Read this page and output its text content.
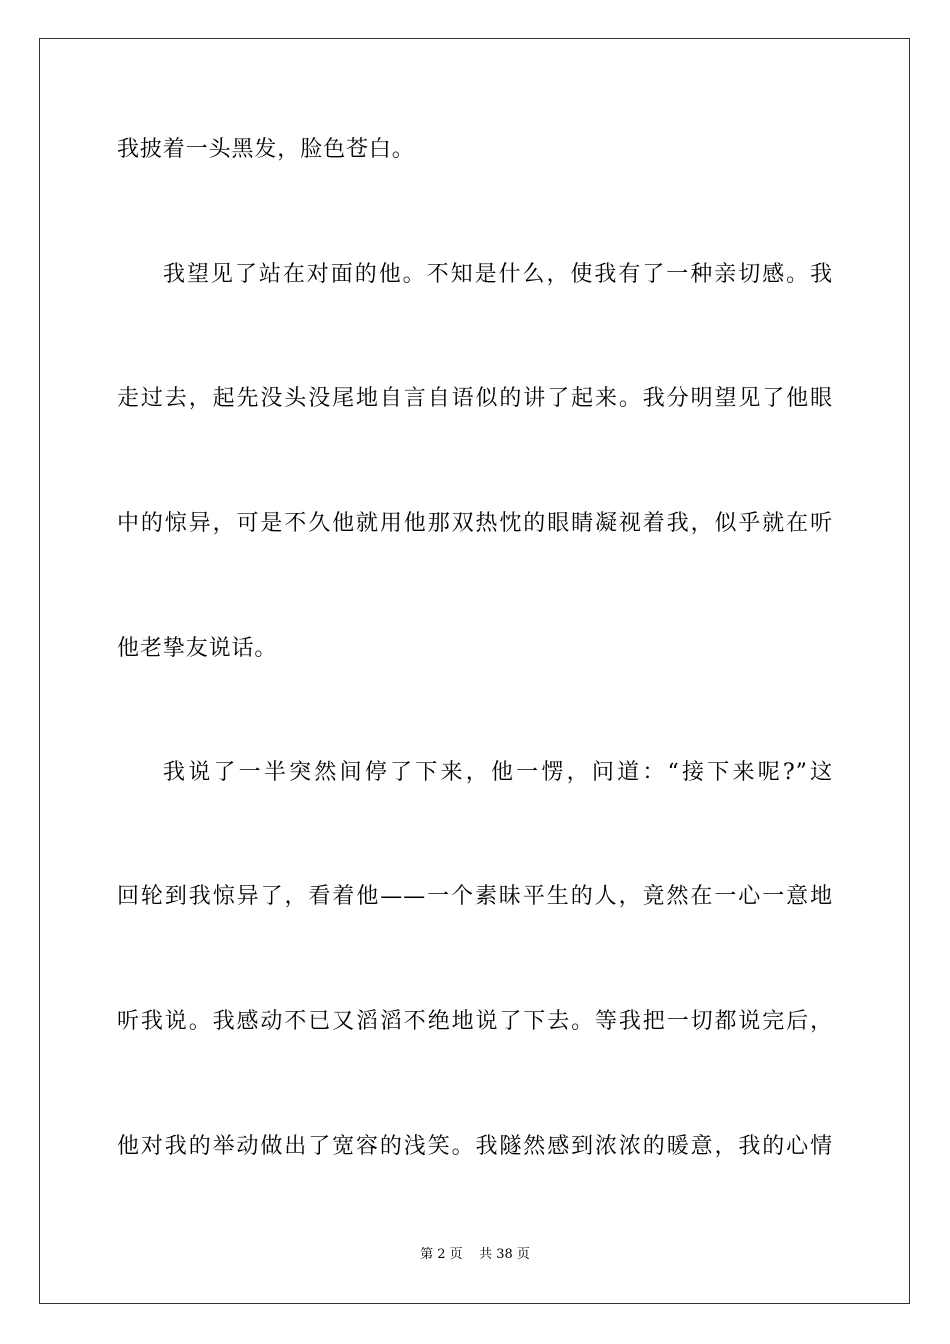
我披着一头黑发，脸色苍白。
我望见了站在对面的他。不知是什么，使我有了一种亲切感。我
走过去，起先没头没尾地自言自语似的讲了起来。我分明望见了他眼
中的惊异，可是不久他就用他那双热忱的眼睛凝视着我，似乎就在听
他老挚友说话。
我说了一半突然间停了下来，他一愣，问道：“接下来呢?”这
回轮到我惊异了，看着他——一个素昧平生的人，竟然在一心一意地
听我说。我感动不已又滔滔不绝地说了下去。等我把一切都说完后，
他对我的举动做出了宽容的浅笑。我隧然感到浓浓的暖意，我的心情
第 2 页    共 38 页
